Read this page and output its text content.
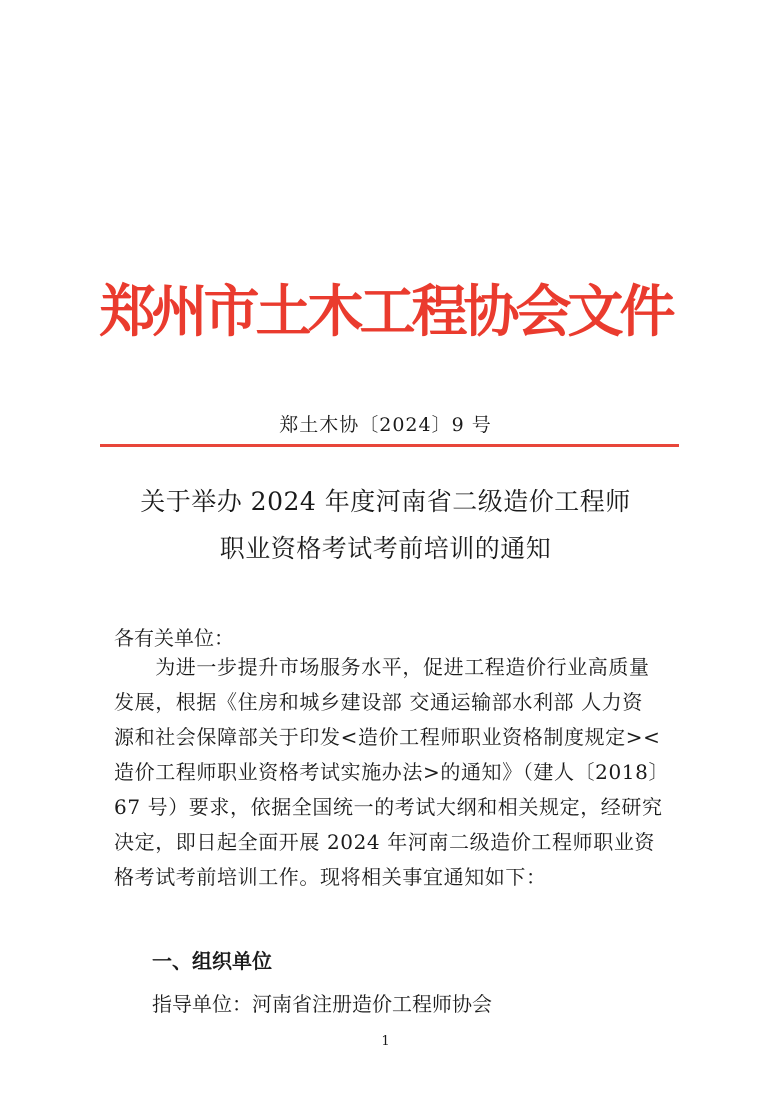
郑州市土木工程协会文件
郑土木协〔2024〕9 号
关于举办 2024 年度河南省二级造价工程师
职业资格考试考前培训的通知
各有关单位：
　　为进一步提升市场服务水平，促进工程造价行业高质量
发展，根据《住房和城乡建设部 交通运输部水利部 人力资
源和社会保障部关于印发<造价工程师职业资格制度规定><
造价工程师职业资格考试实施办法>的通知》（建人〔2018〕
67 号）要求，依据全国统一的考试大纲和相关规定，经研究
决定，即日起全面开展 2024 年河南二级造价工程师职业资
格考试考前培训工作。现将相关事宜通知如下：
一、组织单位
指导单位：河南省注册造价工程师协会
1
